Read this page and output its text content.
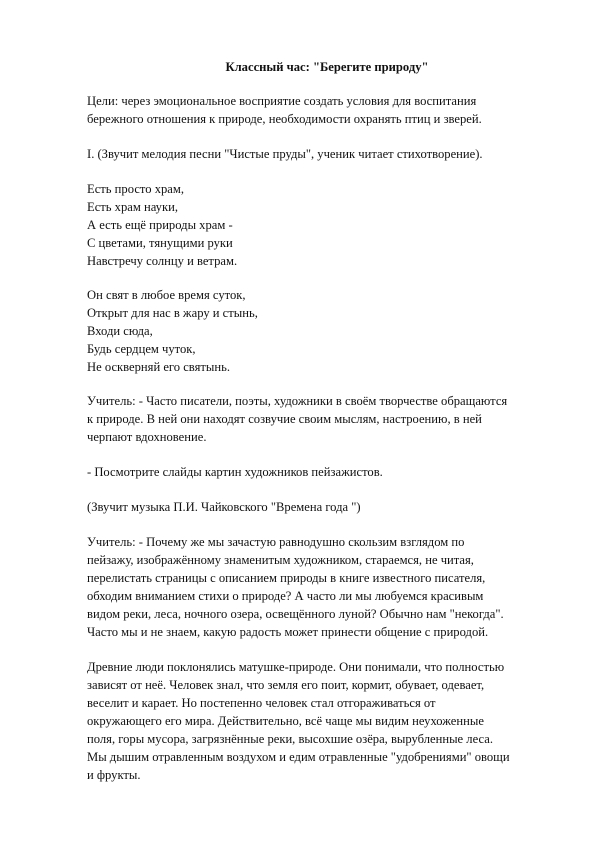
Классный час: "Берегите природу"
Цели: через эмоциональное восприятие создать условия для воспитания
бережного отношения к природе, необходимости охранять птиц и зверей.
I. (Звучит мелодия песни "Чистые пруды", ученик читает стихотворение).
Есть просто храм,
Есть храм науки,
А есть ещё природы храм -
С цветами, тянущими руки
Навстречу солнцу и ветрам.
Он свят в любое время суток,
Открыт для нас в жару и стынь,
Входи сюда,
Будь сердцем чуток,
Не оскверняй его святынь.
Учитель: - Часто писатели, поэты, художники в своём творчестве обращаются
к природе. В ней они находят созвучие своим мыслям, настроению, в ней
черпают вдохновение.
- Посмотрите слайды картин художников пейзажистов.
(Звучит музыка П.И. Чайковского "Времена года ")
Учитель: - Почему же мы зачастую равнодушно скользим взглядом по
пейзажу, изображённому знаменитым художником, стараемся, не читая,
перелистать страницы с описанием природы в книге известного писателя,
обходим вниманием стихи о природе? А часто ли мы любуемся красивым
видом реки, леса, ночного озера, освещённого луной? Обычно нам "некогда".
Часто мы и не знаем, какую радость может принести общение с природой.
Древние люди поклонялись матушке-природе. Они понимали, что полностью
зависят от неё. Человек знал, что земля его поит, кормит, обувает, одевает,
веселит и карает. Но постепенно человек стал отгораживаться от
окружающего его мира. Действительно, всё чаще мы видим неухоженные
поля, горы мусора, загрязнённые реки, высохшие озёра, вырубленные леса.
Мы дышим отравленным воздухом и едим отравленные "удобрениями" овощи
и фрукты.
